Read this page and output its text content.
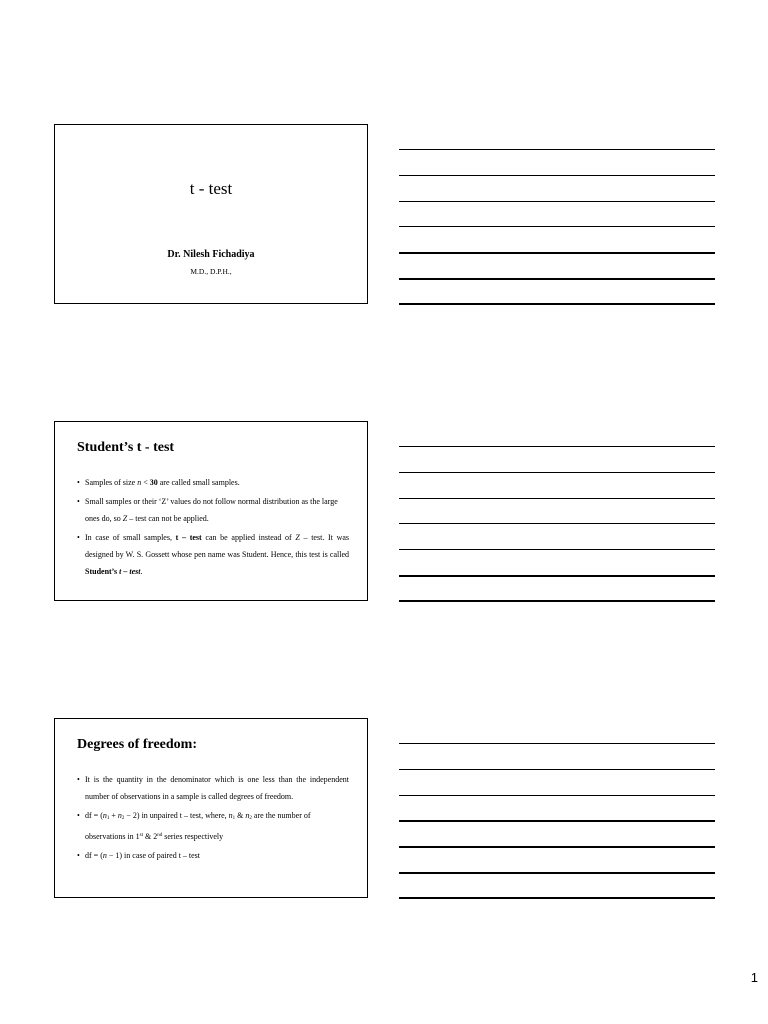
t - test
Dr. Nilesh Fichadiya
M.D., D.P.H.,
Student’s t - test
• Samples of size n < 30 are called small samples.
• Small samples or their ‘Z’ values do not follow normal distribution as the large ones do, so Z – test can not be applied.
• In case of small samples, t – test can be applied instead of Z – test. It was designed by W. S. Gossett whose pen name was Student. Hence, this test is called Student’s t – test.
Degrees of freedom:
• It is the quantity in the denominator which is one less than the independent number of observations in a sample is called degrees of freedom.
• df = $(n_1 + n_2 - 2)$ in unpaired t – test, where, $n_1$ & $n_2$ are the number of observations in 1st & 2nd series respectively
• df = (n − 1) in case of paired t – test
1
